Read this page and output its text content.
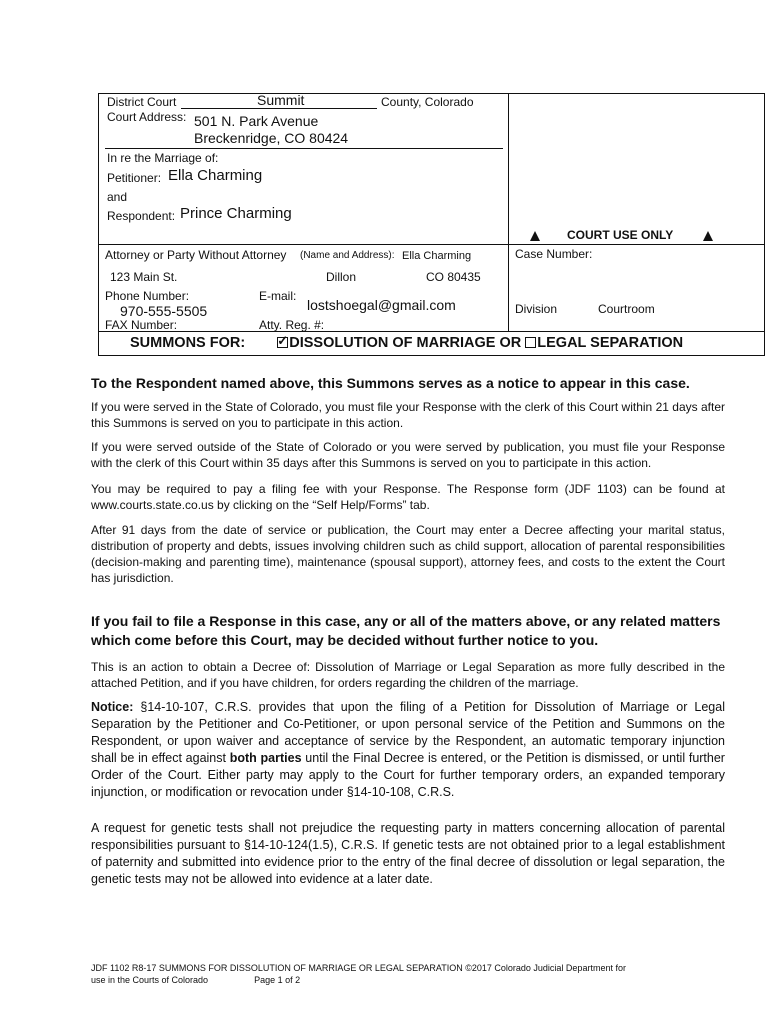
District Court	Summit	County, Colorado
Court Address: 501 N. Park Avenue
Breckenridge, CO 80424
In re the Marriage of:
Petitioner: Ella Charming
and
Respondent: Prince Charming
COURT USE ONLY
Attorney or Party Without Attorney (Name and Address): Ella Charming	Case Number:
123 Main St.	Dillon	CO 80435
Phone Number:
970-555-5505
E-mail:
lostshoegal@gmail.com	Division	Courtroom
FAX Number:	Atty. Reg. #:
SUMMONS FOR:  ✓	DISSOLUTION OF MARRIAGE OR LEGAL SEPARATION
To the Respondent named above, this Summons serves as a notice to appear in this case.
If you were served in the State of Colorado, you must file your Response with the clerk of this Court within 21 days after this Summons is served on you to participate in this action.
If you were served outside of the State of Colorado or you were served by publication, you must file your Response with the clerk of this Court within 35 days after this Summons is served on you to participate in this action.
You may be required to pay a filing fee with your Response. The Response form (JDF 1103) can be found at www.courts.state.co.us by clicking on the “Self Help/Forms” tab.
After 91 days from the date of service or publication, the Court may enter a Decree affecting your marital status, distribution of property and debts, issues involving children such as child support, allocation of parental responsibilities (decision-making and parenting time), maintenance (spousal support), attorney fees, and costs to the extent the Court has jurisdiction.
If you fail to file a Response in this case, any or all of the matters above, or any related matters which come before this Court, may be decided without further notice to you.
This is an action to obtain a Decree of: Dissolution of Marriage or Legal Separation as more fully described in the attached Petition, and if you have children, for orders regarding the children of the marriage.
Notice: §14-10-107, C.R.S. provides that upon the filing of a Petition for Dissolution of Marriage or Legal Separation by the Petitioner and Co-Petitioner, or upon personal service of the Petition and Summons on the Respondent, or upon waiver and acceptance of service by the Respondent, an automatic temporary injunction shall be in effect against both parties until the Final Decree is entered, or the Petition is dismissed, or until further Order of the Court. Either party may apply to the Court for further temporary orders, an expanded temporary injunction, or modification or revocation under §14-10-108, C.R.S.
A request for genetic tests shall not prejudice the requesting party in matters concerning allocation of parental responsibilities pursuant to §14-10-124(1.5), C.R.S. If genetic tests are not obtained prior to a legal establishment of paternity and submitted into evidence prior to the entry of the final decree of dissolution or legal separation, the genetic tests may not be allowed into evidence at a later date.
JDF 1102 R8-17 SUMMONS FOR DISSOLUTION OF MARRIAGE OR LEGAL SEPARATION ©2017 Colorado Judicial Department for
use in the Courts of Colorado	Page 1 of 2
